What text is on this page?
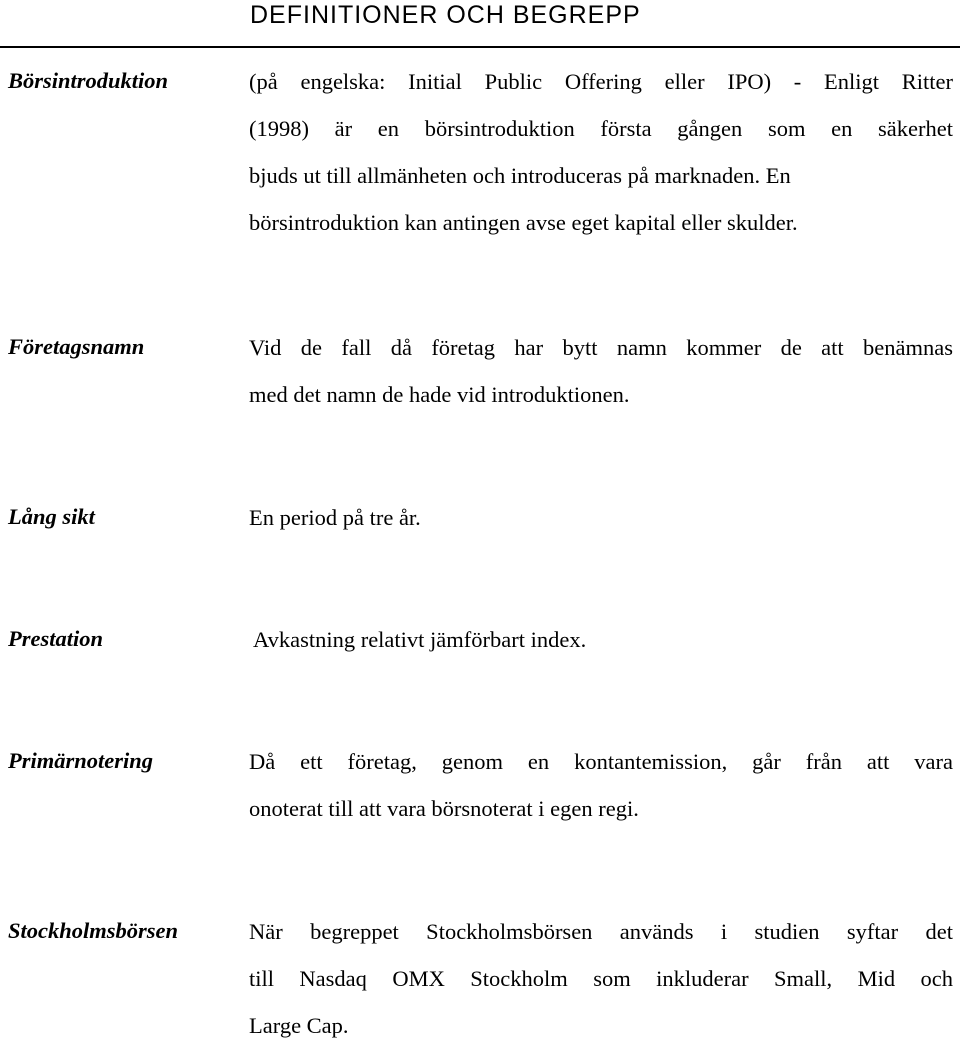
DEFINITIONER OCH BEGREPP
Börsintroduktion	(på engelska: Initial Public Offering eller IPO) - Enligt Ritter
(1998) är en börsintroduktion första gången som en säkerhet
bjuds ut till allmänheten och introduceras på marknaden. En
börsintroduktion kan antingen avse eget kapital eller skulder.
Företagsnamn	Vid de fall då företag har bytt namn kommer de att benämnas
med det namn de hade vid introduktionen.
Lång sikt	En period på tre år.
Prestation	Avkastning relativt jämförbart index.
Primärnotering	Då ett företag, genom en kontantemission, går från att vara
onoterat till att vara börsnoterat i egen regi.
Stockholmsbörsen	När begreppet Stockholmsbörsen används i studien syftar det
till Nasdaq OMX Stockholm som inkluderar Small, Mid och
Large Cap.
